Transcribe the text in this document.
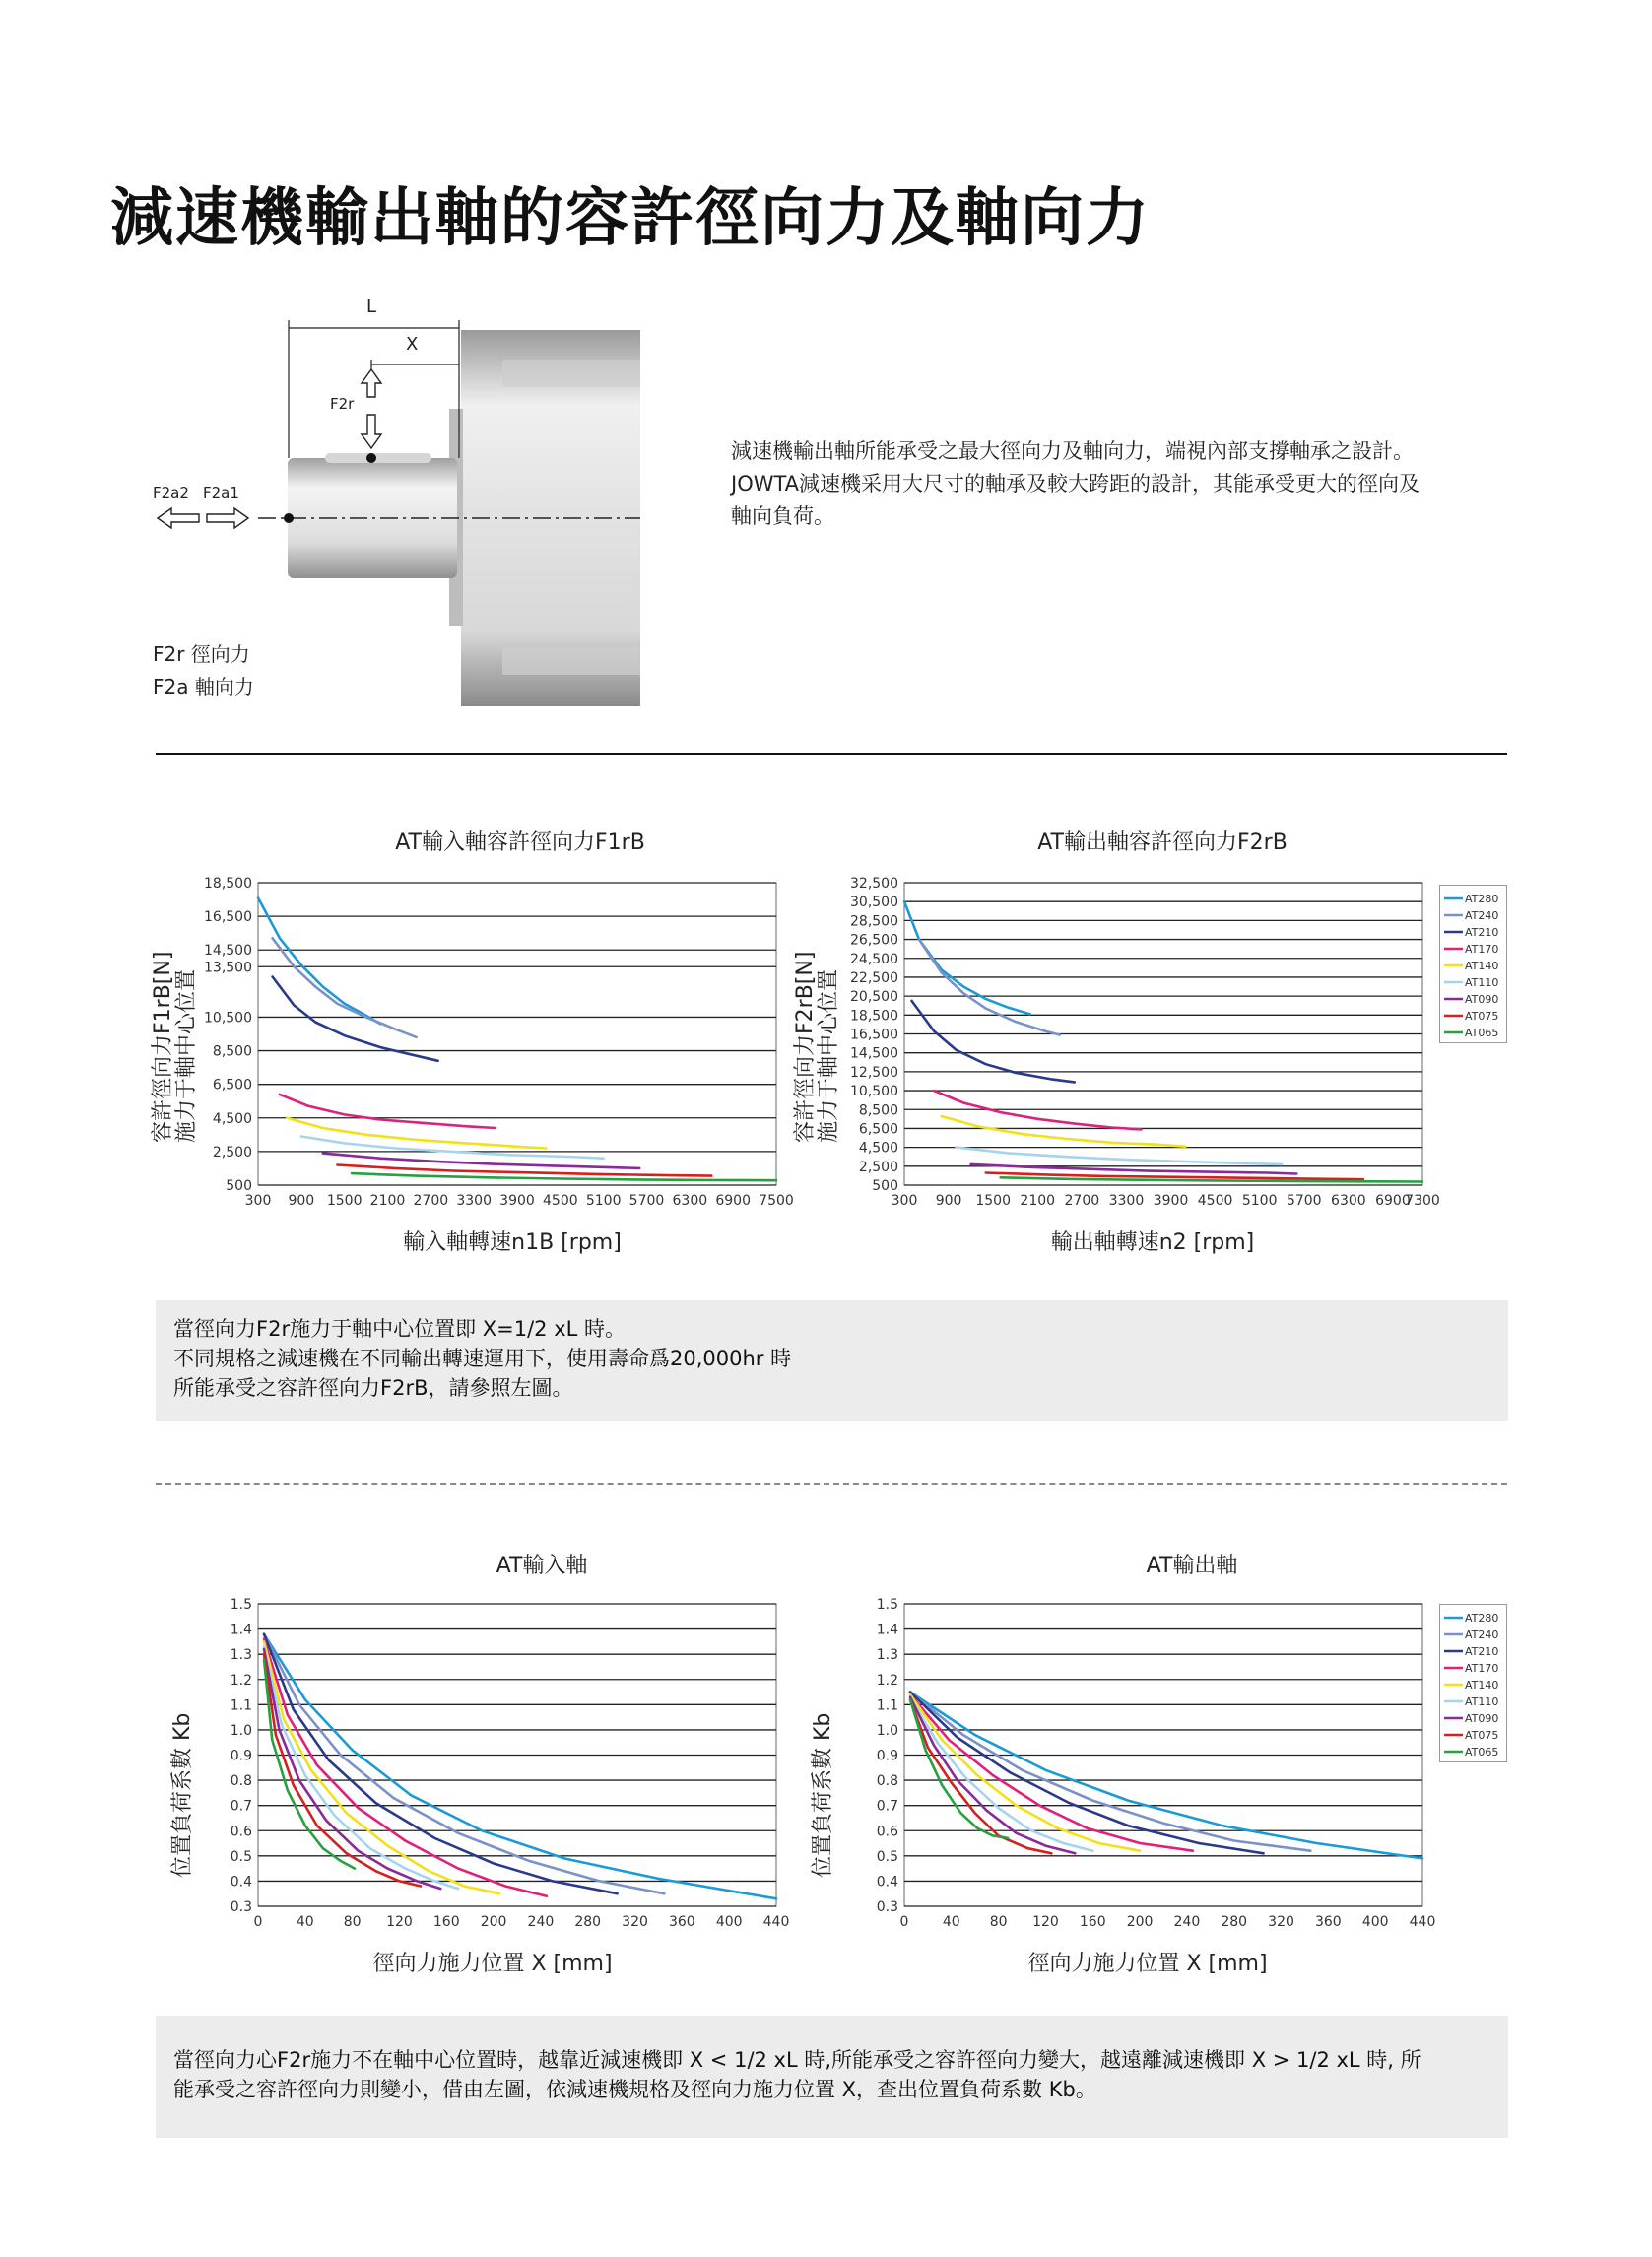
減速機輸出軸的容許徑向力及軸向力
L
X
F2r
F2a2 F2a1
F2r 徑向力
F2a 軸向力
減速機輸出軸所能承受之最大徑向力及軸向力，端視內部支撐軸承之設計。
JOWTA減速機采用大尺寸的軸承及較大跨距的設計，其能承受更大的徑向及
軸向負荷。
AT輸入軸容許徑向力F1rB
容許徑向力F1rB[N] 施力于軸中心位置
500
2,500
4,500
6,500
8,500
10,500
13,500
14,500
16,500
18,500
300 900 1500 2100 2700 3300 3900 4500 5100 5700 6300 6900 7500
輸入軸轉速n1B [rpm]
AT輸出軸容許徑向力F2rB
容許徑向力F2rB[N] 施力于軸中心位置
500
2,500
4,500
6,500
8,500
10,500
12,500
14,500
16,500
18,500
20,500
22,500
24,500
26,500
28,500
30,500
32,500
300 900 1500 2100 2700 3300 3900 4500 5100 5700 6300 6900
7300
輸出軸轉速n2 [rpm]
AT280
AT240
AT210
AT170
AT140
AT110
AT090
AT075
AT065
當徑向力F2r施力于軸中心位置即 X=1/2 xL 時。
不同規格之減速機在不同輸出轉速運用下，使用壽命爲20,000hr 時
所能承受之容許徑向力F2rB，請參照左圖。
AT輸入軸
位置負荷系數 Kb
0.3
0.4
0.5
0.6
0.7
0.8
0.9
1.0
1.1
1.2
1.3
1.4
1.5
0 40 80 120 160 200 240 280 320 360 400 440
徑向力施力位置 X [mm]
AT輸出軸
位置負荷系數 Kb
0.3
0.4
0.5
0.6
0.7
0.8
0.9
1.0
1.1
1.2
1.3
1.4
1.5
0 40 80 120 160 200 240 280 320 360 400 440
徑向力施力位置 X [mm]
AT280
AT240
AT210
AT170
AT140
AT110
AT090
AT075
AT065
當徑向力心F2r施力不在軸中心位置時，越靠近減速機即 X < 1/2 xL 時,所能承受之容許徑向力變大，越遠離減速機即 X > 1/2 xL 時, 所
能承受之容許徑向力則變小，借由左圖，依減速機規格及徑向力施力位置 X，查出位置負荷系數 Kb。
